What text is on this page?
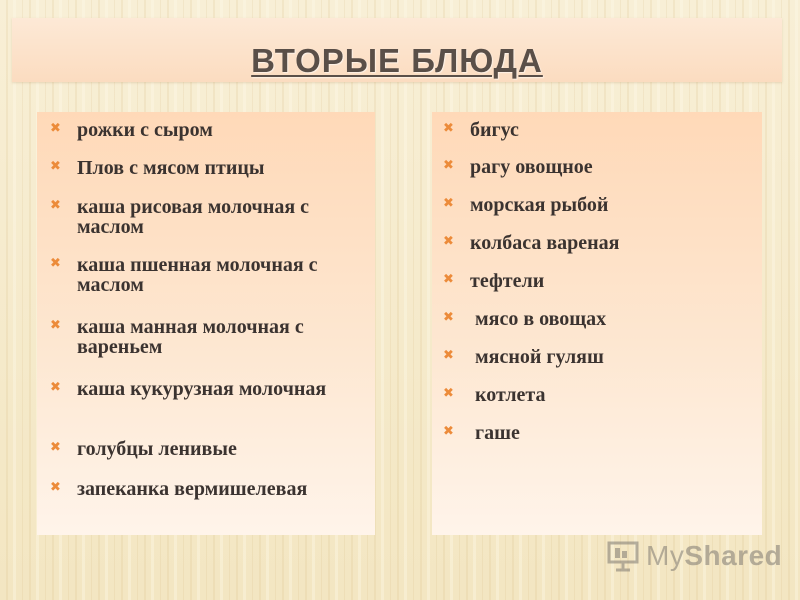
ВТОРЫЕ БЛЮДА
✖ рожки с сыром
✖ Плов с мясом птицы
✖ каша рисовая молочная с маслом
✖ каша пшенная молочная с маслом
✖ каша манная молочная с вареньем
✖ каша кукурузная молочная
✖ голубцы ленивые
✖ запеканка вермишелевая
✖ бигус
✖ рагу овощное
✖ морская рыбой
✖ колбаса вареная
✖ тефтели
✖ мясо в овощах
✖ мясной гуляш
✖ котлета
✖ гаше
My Shared
